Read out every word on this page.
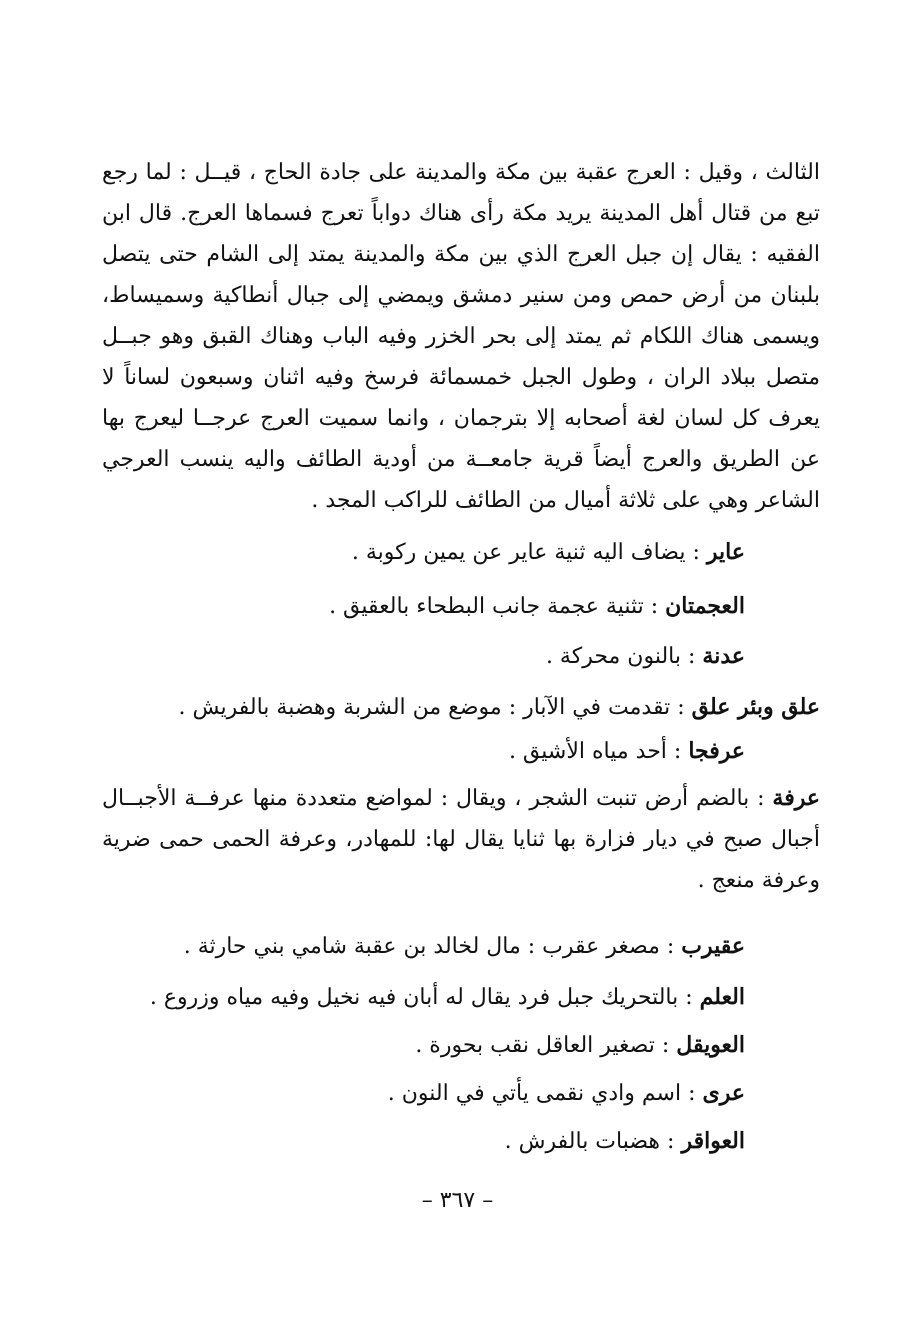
الثالث ، وقيل : العرج عقبة بين مكة والمدينة على جادة الحاج ، قيــل : لما رجع تبع من قتال أهل المدينة يريد مكة رأى هناك دواباً تعرج فسماها العرج. قال ابن الفقيه : يقال إن جبل العرج الذي بين مكة والمدينة يمتد إلى الشام حتى يتصل بلبنان من أرض حمص ومن سنير دمشق ويمضي إلى جبال أنطاكية وسميساط، ويسمى هناك اللكام ثم يمتد إلى بحر الخزر وفيه الباب وهناك القبق وهو جبــل متصل ببلاد الران ، وطول الجبل خمسمائة فرسخ وفيه اثنان وسبعون لساناً لا يعرف كل لسان لغة أصحابه إلا بترجمان ، وانما سميت العرج عرجــا ليعرج بها عن الطريق والعرج أيضاً قرية جامعــة من أودية الطائف واليه ينسب العرجي الشاعر وهي على ثلاثة أميال من الطائف للراكب المجد .

عاير : يضاف اليه ثنية عاير عن يمين ركوبة .
العجمتان : تثنية عجمة جانب البطحاء بالعقيق .
عدنة : بالنون محركة .
علق وبئر علق : تقدمت في الآبار : موضع من الشربة وهضبة بالفريش .
عرفجا : أحد مياه الأشيق .

عرفة : بالضم أرض تنبت الشجر ، ويقال : لمواضع متعددة منها عرفــة الأجبــال أجبال صبح في ديار فزارة بها ثنايا يقال لها: للمهادر، وعرفة الحمى حمى ضرية وعرفة منعج .

عقيرب : مصغر عقرب : مال لخالد بن عقبة شامي بني حارثة .
العلم : بالتحريك جبل فرد يقال له أبان فيه نخيل وفيه مياه وزروع .
العويقل : تصغير العاقل نقب بحورة .
عرى : اسم وادي نقمى يأتي في النون .
العواقر : هضبات بالفرش .
– ٣٦٧ –
